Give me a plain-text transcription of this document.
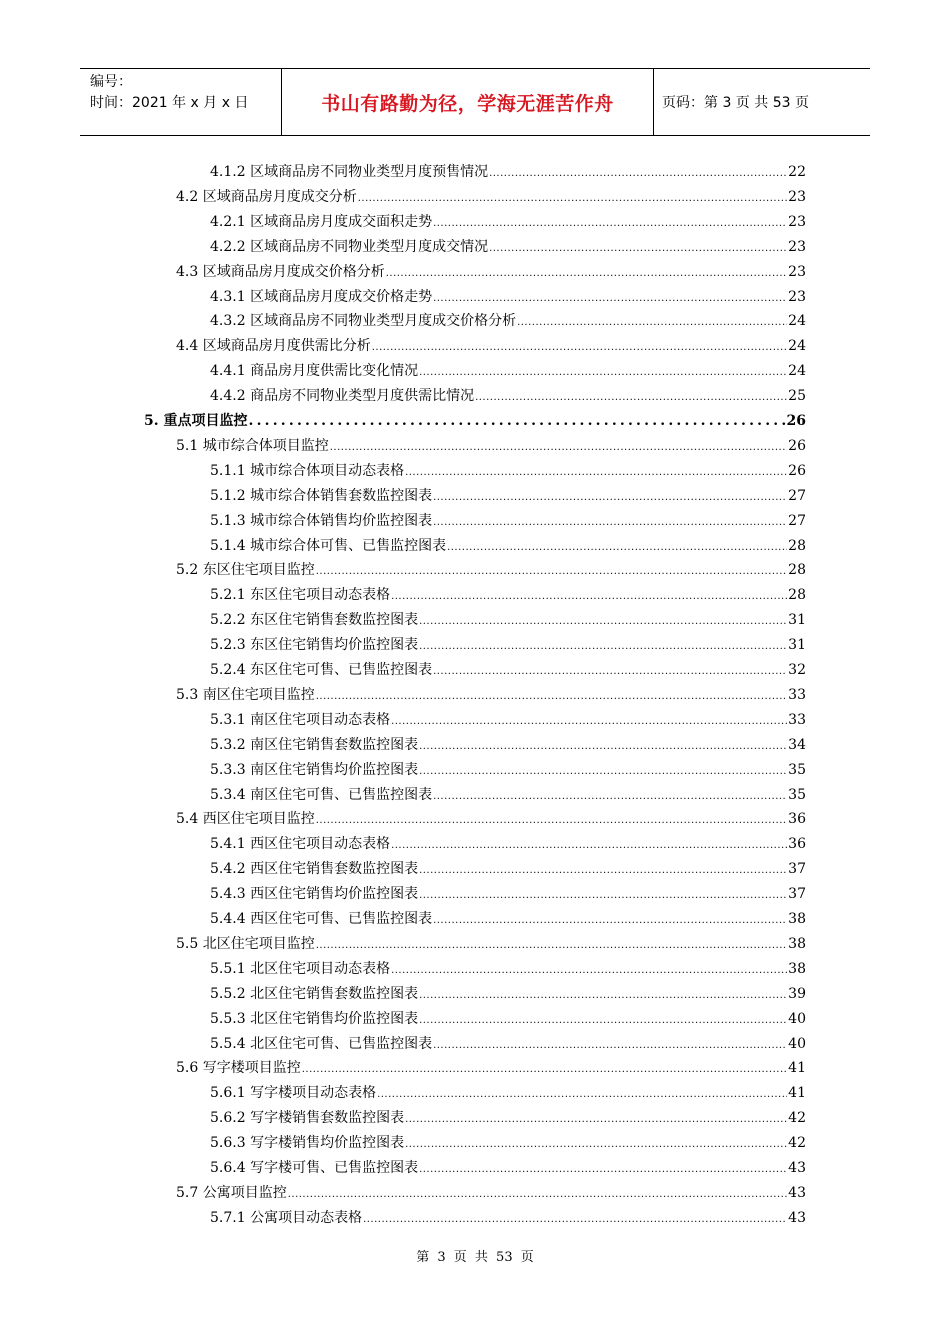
编号：
时间：2021 年 x 月 x 日	书山有路勤为径，学海无涯苦作舟	页码：第 3 页 共 53 页
4.1.2 区域商品房不同物业类型月度预售情况 .....	22
4.2 区域商品房月度成交分析 .....	23
4.2.1 区域商品房月度成交面积走势 .....	23
4.2.2 区域商品房不同物业类型月度成交情况 .....	23
4.3 区域商品房月度成交价格分析 .....	23
4.3.1 区域商品房月度成交价格走势 .....	23
4.3.2 区域商品房不同物业类型月度成交价格分析 .....	24
4.4 区域商品房月度供需比分析 .....	24
4.4.1 商品房月度供需比变化情况 .....	24
4.4.2 商品房不同物业类型月度供需比情况 .....	25
5. 重点项目监控 .....	26
5.1 城市综合体项目监控 .....	26
5.1.1 城市综合体项目动态表格 .....	26
5.1.2 城市综合体销售套数监控图表 .....	27
5.1.3 城市综合体销售均价监控图表 .....	27
5.1.4 城市综合体可售、已售监控图表 .....	28
5.2 东区住宅项目监控 .....	28
5.2.1 东区住宅项目动态表格 .....	28
5.2.2 东区住宅销售套数监控图表 .....	31
5.2.3 东区住宅销售均价监控图表 .....	31
5.2.4 东区住宅可售、已售监控图表 .....	32
5.3 南区住宅项目监控 .....	33
5.3.1 南区住宅项目动态表格 .....	33
5.3.2 南区住宅销售套数监控图表 .....	34
5.3.3 南区住宅销售均价监控图表 .....	35
5.3.4 南区住宅可售、已售监控图表 .....	35
5.4 西区住宅项目监控 .....	36
5.4.1 西区住宅项目动态表格 .....	36
5.4.2 西区住宅销售套数监控图表 .....	37
5.4.3 西区住宅销售均价监控图表 .....	37
5.4.4 西区住宅可售、已售监控图表 .....	38
5.5 北区住宅项目监控 .....	38
5.5.1 北区住宅项目动态表格 .....	38
5.5.2 北区住宅销售套数监控图表 .....	39
5.5.3 北区住宅销售均价监控图表 .....	40
5.5.4 北区住宅可售、已售监控图表 .....	40
5.6 写字楼项目监控 .....	41
5.6.1 写字楼项目动态表格 .....	41
5.6.2 写字楼销售套数监控图表 .....	42
5.6.3 写字楼销售均价监控图表 .....	42
5.6.4 写字楼可售、已售监控图表 .....	43
5.7 公寓项目监控 .....	43
5.7.1 公寓项目动态表格 .....	43
第 3 页 共 53 页
